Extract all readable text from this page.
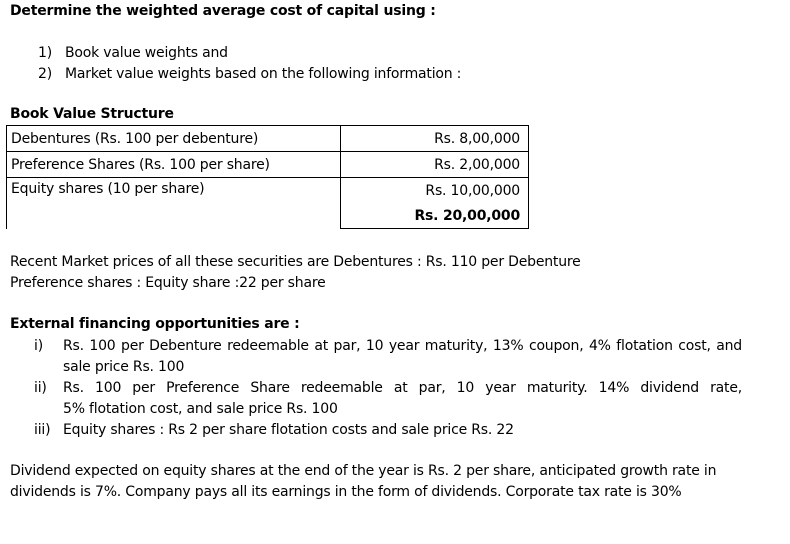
Determine the weighted average cost of capital using :
1) Book value weights and
2) Market value weights based on the following information :
Book Value Structure
Debentures (Rs. 100 per debenture)	Rs. 8,00,000
Preference Shares (Rs. 100 per share)	Rs. 2,00,000
Equity shares (10 per share)	Rs. 10,00,000
	Rs. 20,00,000
Recent Market prices of all these securities are Debentures : Rs. 110 per Debenture
Preference shares : Equity share :22 per share
External financing opportunities are :
i)	Rs. 100 per Debenture redeemable at par, 10 year maturity, 13% coupon, 4% flotation cost, and
sale price Rs. 100
ii)	Rs. 100 per Preference Share redeemable at par, 10 year maturity. 14% dividend rate,
5% flotation cost, and sale price Rs. 100
iii) Equity shares : Rs 2 per share flotation costs and sale price Rs. 22
Dividend expected on equity shares at the end of the year is Rs. 2 per share, anticipated growth rate in
dividends is 7%. Company pays all its earnings in the form of dividends. Corporate tax rate is 30%
